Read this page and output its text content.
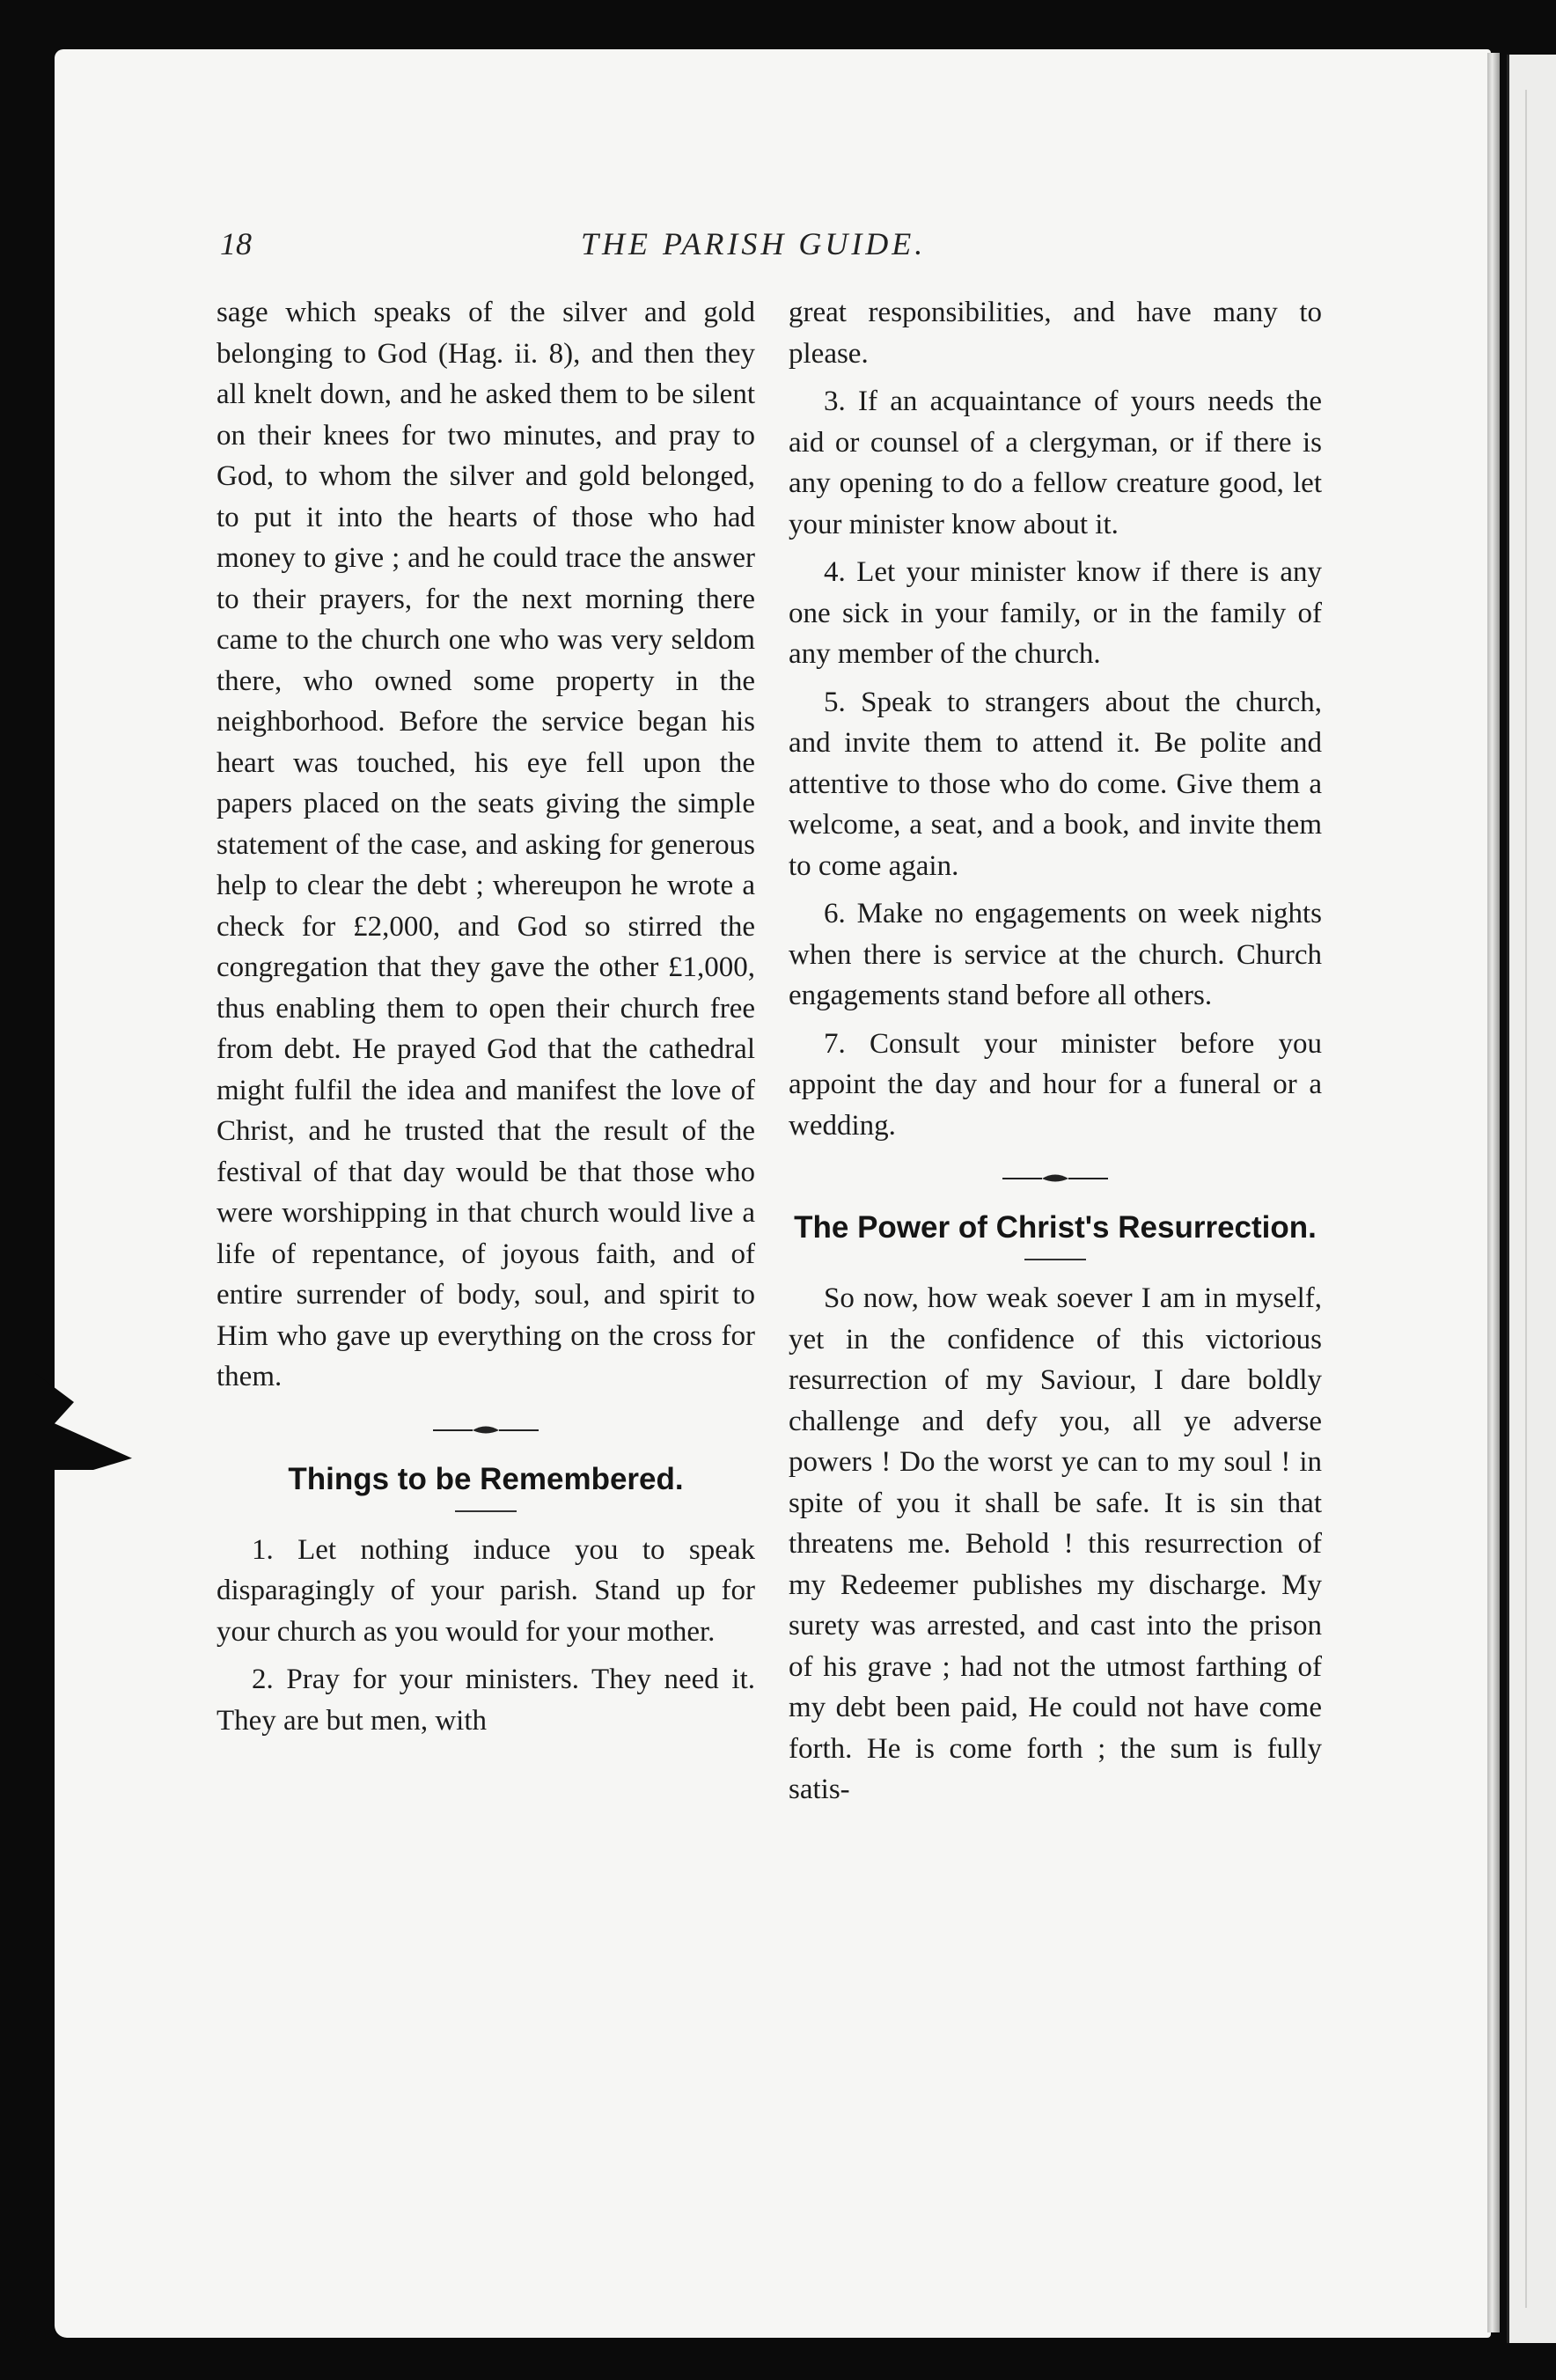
18	THE PARISH GUIDE.

sage which speaks of the silver and gold belonging to God (Hag. ii. 8), and then they all knelt down, and he asked them to be silent on their knees for two minutes, and pray to God, to whom the silver and gold belonged, to put it into the hearts of those who had money to give ; and he could trace the answer to their prayers, for the next morning there came to the church one who was very seldom there, who owned some property in the neighborhood. Before the service began his heart was touched, his eye fell upon the papers placed on the seats giving the simple statement of the case, and asking for generous help to clear the debt ; whereupon he wrote a check for £2,000, and God so stirred the congregation that they gave the other £1,000, thus enabling them to open their church free from debt. He prayed God that the cathedral might fulfil the idea and manifest the love of Christ, and he trusted that the result of the festival of that day would be that those who were worshipping in that church would live a life of repentance, of joyous faith, and of entire surrender of body, soul, and spirit to Him who gave up everything on the cross for them.

Things to be Remembered.

1. Let nothing induce you to speak disparagingly of your parish. Stand up for your church as you would for your mother.

2. Pray for your ministers. They need it. They are but men, with

great responsibilities, and have many to please.

3. If an acquaintance of yours needs the aid or counsel of a clergyman, or if there is any opening to do a fellow creature good, let your minister know about it.

4. Let your minister know if there is any one sick in your family, or in the family of any member of the church.

5. Speak to strangers about the church, and invite them to attend it. Be polite and attentive to those who do come. Give them a welcome, a seat, and a book, and invite them to come again.

6. Make no engagements on week nights when there is service at the church. Church engagements stand before all others.

7. Consult your minister before you appoint the day and hour for a funeral or a wedding.

The Power of Christ's Resurrection.

So now, how weak soever I am in myself, yet in the confidence of this victorious resurrection of my Saviour, I dare boldly challenge and defy you, all ye adverse powers ! Do the worst ye can to my soul ! in spite of you it shall be safe. It is sin that threatens me. Behold ! this resurrection of my Redeemer publishes my discharge. My surety was arrested, and cast into the prison of his grave ; had not the utmost farthing of my debt been paid, He could not have come forth. He is come forth ; the sum is fully satis-
